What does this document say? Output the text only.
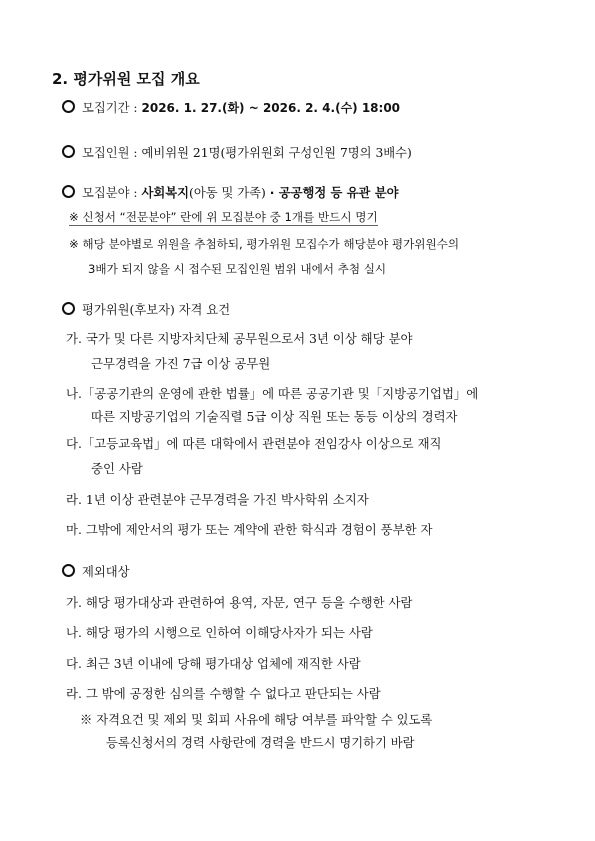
2. 평가위원 모집 개요
모집기간 : 2026. 1. 27.(화) ~ 2026. 2. 4.(수) 18:00
모집인원 : 예비위원 21명(평가위원회 구성인원 7명의 3배수)
모집분야 : 사회복지(아동 및 가족) · 공공행정 등 유관 분야
※ 신청서 “전문분야” 란에 위 모집분야 중 1개를 반드시 명기
※ 해당 분야별로 위원을 추첨하되, 평가위원 모집수가 해당분야 평가위원수의
3배가 되지 않을 시 접수된 모집인원 범위 내에서 추첨 실시
평가위원(후보자) 자격 요건
가. 국가 및 다른 지방자치단체 공무원으로서 3년 이상 해당 분야
근무경력을 가진 7급 이상 공무원
나.「공공기관의 운영에 관한 법률」에 따른 공공기관 및「지방공기업법」에
따른 지방공기업의 기술직렬 5급 이상 직원 또는 동등 이상의 경력자
다.「고등교육법」에 따른 대학에서 관련분야 전임강사 이상으로 재직
중인 사람
라. 1년 이상 관련분야 근무경력을 가진 박사학위 소지자
마. 그밖에 제안서의 평가 또는 계약에 관한 학식과 경험이 풍부한 자
제외대상
가. 해당 평가대상과 관련하여 용역, 자문, 연구 등을 수행한 사람
나. 해당 평가의 시행으로 인하여 이해당사자가 되는 사람
다. 최근 3년 이내에 당해 평가대상 업체에 재직한 사람
라. 그 밖에 공정한 심의를 수행할 수 없다고 판단되는 사람
※ 자격요건 및 제외 및 회피 사유에 해당 여부를 파악할 수 있도록
등록신청서의 경력 사항란에 경력을 반드시 명기하기 바람
